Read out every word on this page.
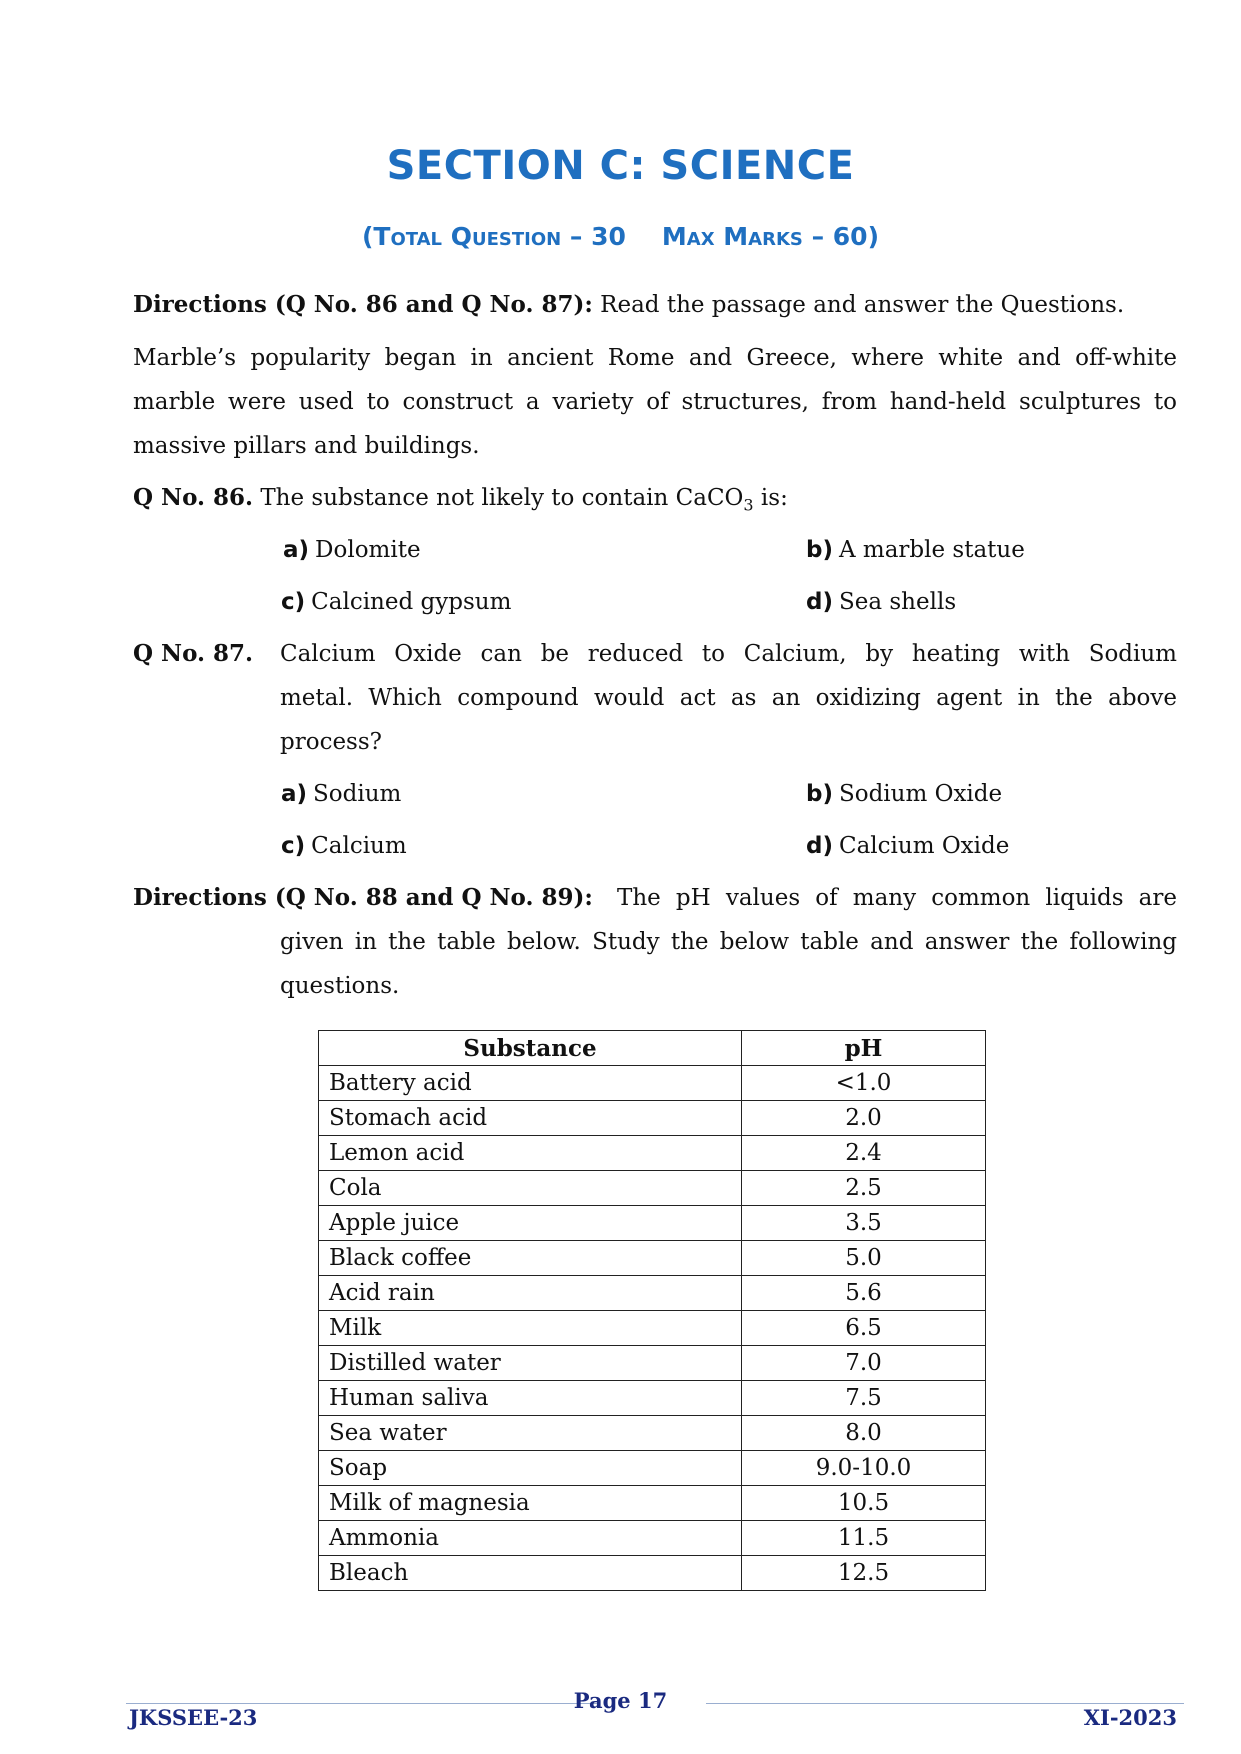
SECTION C: SCIENCE
(Total Question – 30 Max Marks – 60)

Directions (Q No. 86 and Q No. 87): Read the passage and answer the Questions.

Marble’s popularity began in ancient Rome and Greece, where white and off-white

marble were used to construct a variety of structures, from hand-held sculptures to

massive pillars and buildings.

Q No. 86. The substance not likely to contain CaCO$_3$ is:

a) Dolomite	b) A marble statue
c) Calcined gypsum	d) Sea shells

Q No. 87. Calcium Oxide can be reduced to Calcium, by heating with Sodium

metal. Which compound would act as an oxidizing agent in the above

process?

a) Sodium	b) Sodium Oxide
c) Calcium	d) Calcium Oxide

Directions (Q No. 88 and Q No. 89): The pH values of many common liquids are

given in the table below. Study the below table and answer the following

questions.

Substance	pH
Battery acid	<1.0
Stomach acid	2.0
Lemon acid	2.4
Cola	2.5
Apple juice	3.5
Black coffee	5.0
Acid rain	5.6
Milk	6.5
Distilled water	7.0
Human saliva	7.5
Sea water	8.0
Soap	9.0-10.0
Milk of magnesia	10.5
Ammonia	11.5
Bleach	12.5
JKSSEE-23
Page 17
XI-2023
